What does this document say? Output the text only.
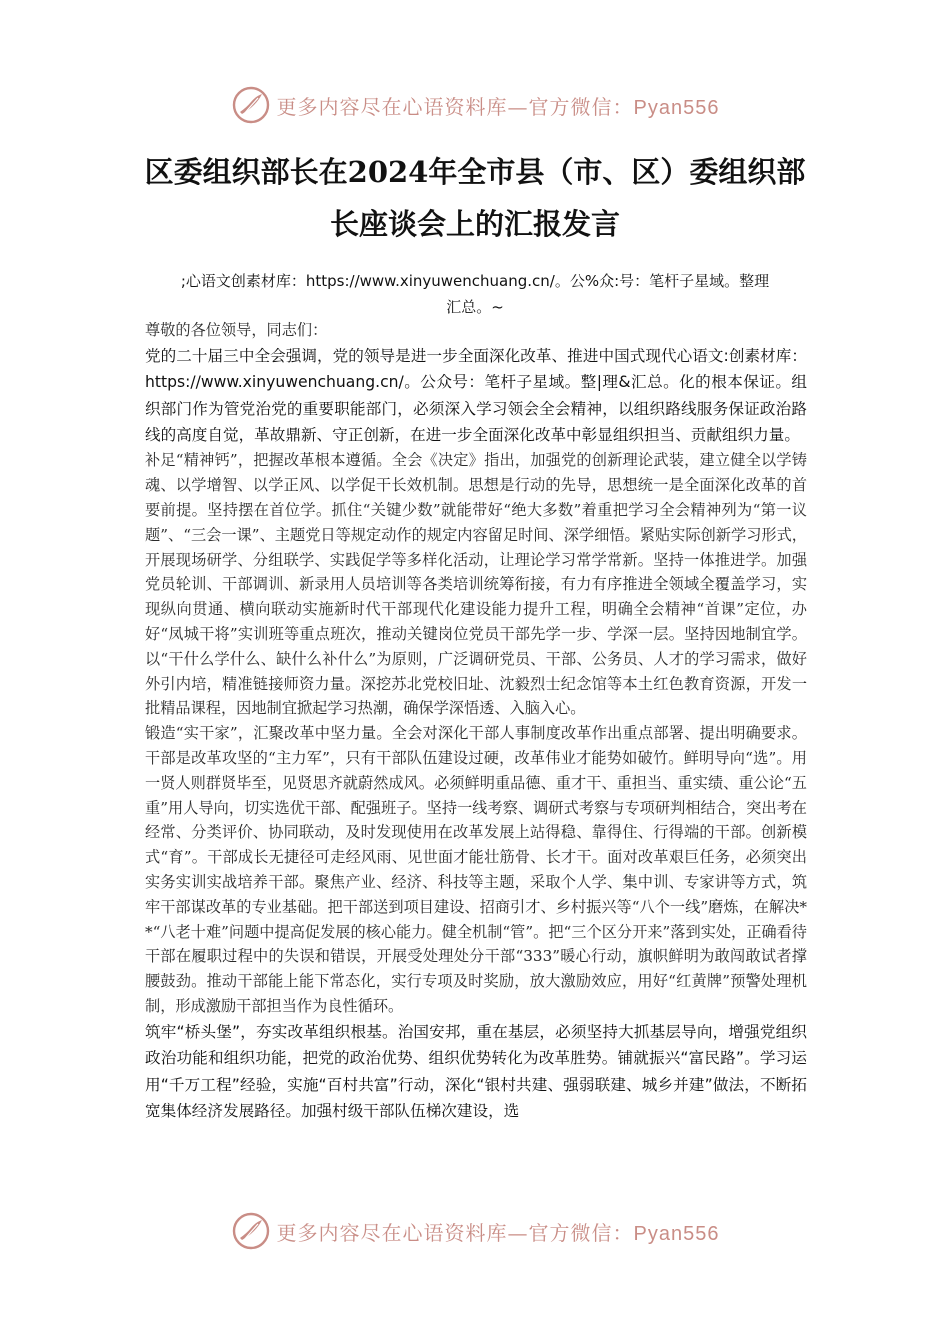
更多内容尽在心语资料库—官方微信：Pyan556
区委组织部长在2024年全市县（市、区）委组织部
长座谈会上的汇报发言
;心语文创素材库：https://www.xinyuwenchuang.cn/。公%众:号：笔杆子星域。整理
汇总。~

尊敬的各位领导，同志们：

党的二十届三中全会强调，党的领导是进一步全面深化改革、推进中国式现代心语文:创素材库：https://www.xinyuwenchuang.cn/。公众号：笔杆子星域。整|理&汇总。化的根本保证。组织部门作为管党治党的重要职能部门，必须深入学习领会全会精神，以组织路线服务保证政治路线的高度自觉，革故鼎新、守正创新，在进一步全面深化改革中彰显组织担当、贡献组织力量。

补足“精神钙”，把握改革根本遵循。全会《决定》指出，加强党的创新理论武装，建立健全以学铸魂、以学增智、以学正风、以学促干长效机制。思想是行动的先导，思想统一是全面深化改革的首要前提。坚持摆在首位学。抓住“关键少数”就能带好“绝大多数”着重把学习全会精神列为“第一议题”、“三会一课”、主题党日等规定动作的规定内容留足时间、深学细悟。紧贴实际创新学习形式，开展现场研学、分组联学、实践促学等多样化活动，让理论学习常学常新。坚持一体推进学。加强党员轮训、干部调训、新录用人员培训等各类培训统筹衔接，有力有序推进全领域全覆盖学习，实现纵向贯通、横向联动实施新时代干部现代化建设能力提升工程，明确全会精神“首课”定位，办好“凤城干将”实训班等重点班次，推动关键岗位党员干部先学一步、学深一层。坚持因地制宜学。以“干什么学什么、缺什么补什么”为原则，广泛调研党员、干部、公务员、人才的学习需求，做好外引内培，精准链接师资力量。深挖苏北党校旧址、沈毅烈士纪念馆等本土红色教育资源，开发一批精品课程，因地制宜掀起学习热潮，确保学深悟透、入脑入心。

锻造“实干家”，汇聚改革中坚力量。全会对深化干部人事制度改革作出重点部署、提出明确要求。干部是改革攻坚的“主力军”，只有干部队伍建设过硬，改革伟业才能势如破竹。鲜明导向“选”。用一贤人则群贤毕至，见贤思齐就蔚然成风。必须鲜明重品德、重才干、重担当、重实绩、重公论“五重”用人导向，切实选优干部、配强班子。坚持一线考察、调研式考察与专项研判相结合，突出考在经常、分类评价、协同联动，及时发现使用在改革发展上站得稳、靠得住、行得端的干部。创新模式“育”。干部成长无捷径可走经风雨、见世面才能壮筋骨、长才干。面对改革艰巨任务，必须突出实务实训实战培养干部。聚焦产业、经济、科技等主题，采取个人学、集中训、专家讲等方式，筑牢干部谋改革的专业基础。把干部送到项目建设、招商引才、乡村振兴等“八个一线”磨炼，在解决**“八老十难”问题中提高促发展的核心能力。健全机制“管”。把“三个区分开来”落到实处，正确看待干部在履职过程中的失误和错误，开展受处理处分干部“333”暖心行动，旗帜鲜明为敢闯敢试者撑腰鼓劲。推动干部能上能下常态化，实行专项及时奖励，放大激励效应，用好“红黄牌”预警处理机制，形成激励干部担当作为良性循环。

筑牢“桥头堡”，夯实改革组织根基。治国安邦，重在基层，必须坚持大抓基层导向，增强党组织政治功能和组织功能，把党的政治优势、组织优势转化为改革胜势。铺就振兴“富民路”。学习运用“千万工程”经验，实施“百村共富”行动，深化“银村共建、强弱联建、城乡并建”做法，不断拓宽集体经济发展路径。加强村级干部队伍梯次建设，选

更多内容尽在心语资料库—官方微信：Pyan556
